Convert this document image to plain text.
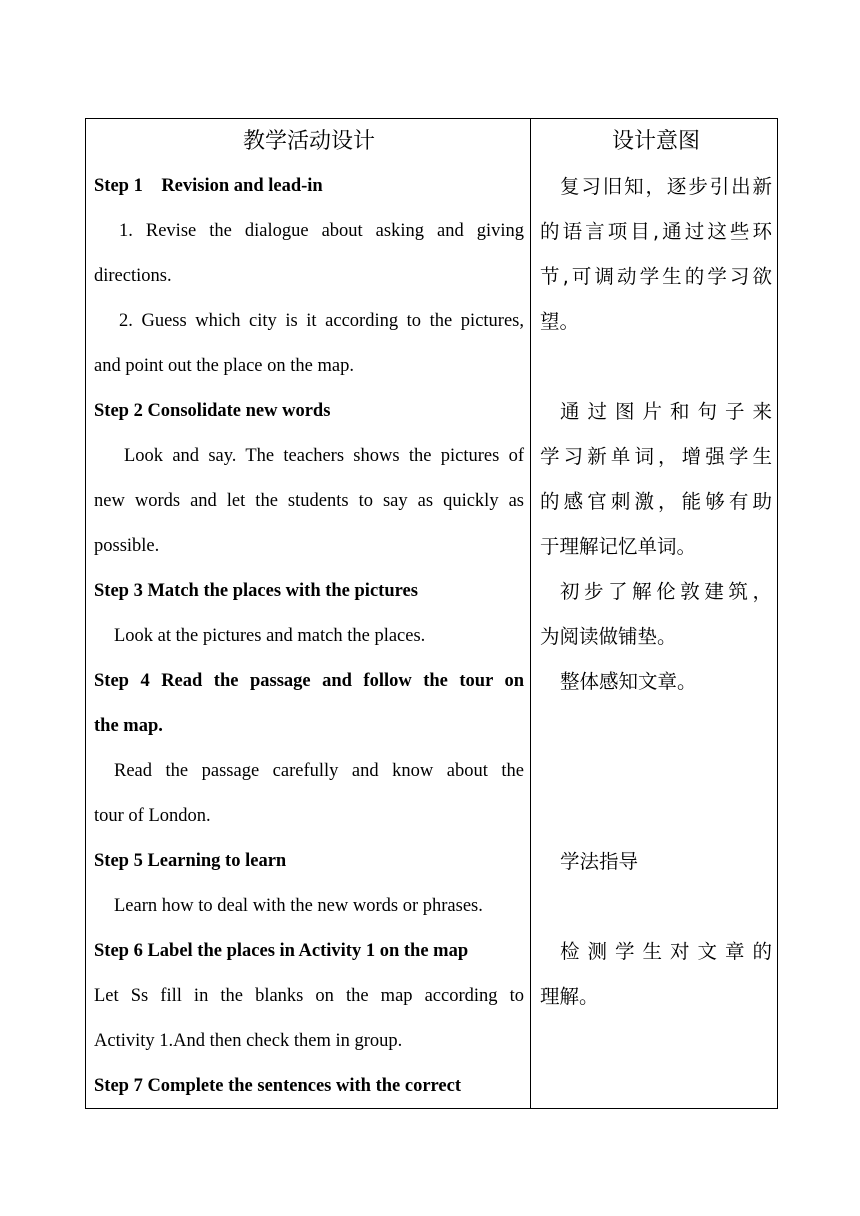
教学活动设计
Step 1    Revision and lead-in
1. Revise the dialogue about asking and giving
directions.
2. Guess which city is it according to the pictures,
and point out the place on the map.
Step 2 Consolidate new words
Look and say. The teachers shows the pictures of
new words and let the students to say as quickly as
possible.
Step 3 Match the places with the pictures
Look at the pictures and match the places.
Step 4 Read the passage and follow the tour on
the map.
Read the passage carefully and know about the
tour of London.
Step 5 Learning to learn
Learn how to deal with the new words or phrases.
Step 6 Label the places in Activity 1 on the map
Let Ss fill in the blanks on the map according to
Activity 1.And then check them in group.
Step 7 Complete the sentences with the correct
设计意图
复习旧知，逐步引出新
的语言项目,通过这些环
节,可调动学生的学习欲
望。
通过图片和句子来
学习新单词，增强学生
的感官刺激，能够有助
于理解记忆单词。
初步了解伦敦建筑，
为阅读做铺垫。
整体感知文章。
学法指导
检测学生对文章的
理解。
